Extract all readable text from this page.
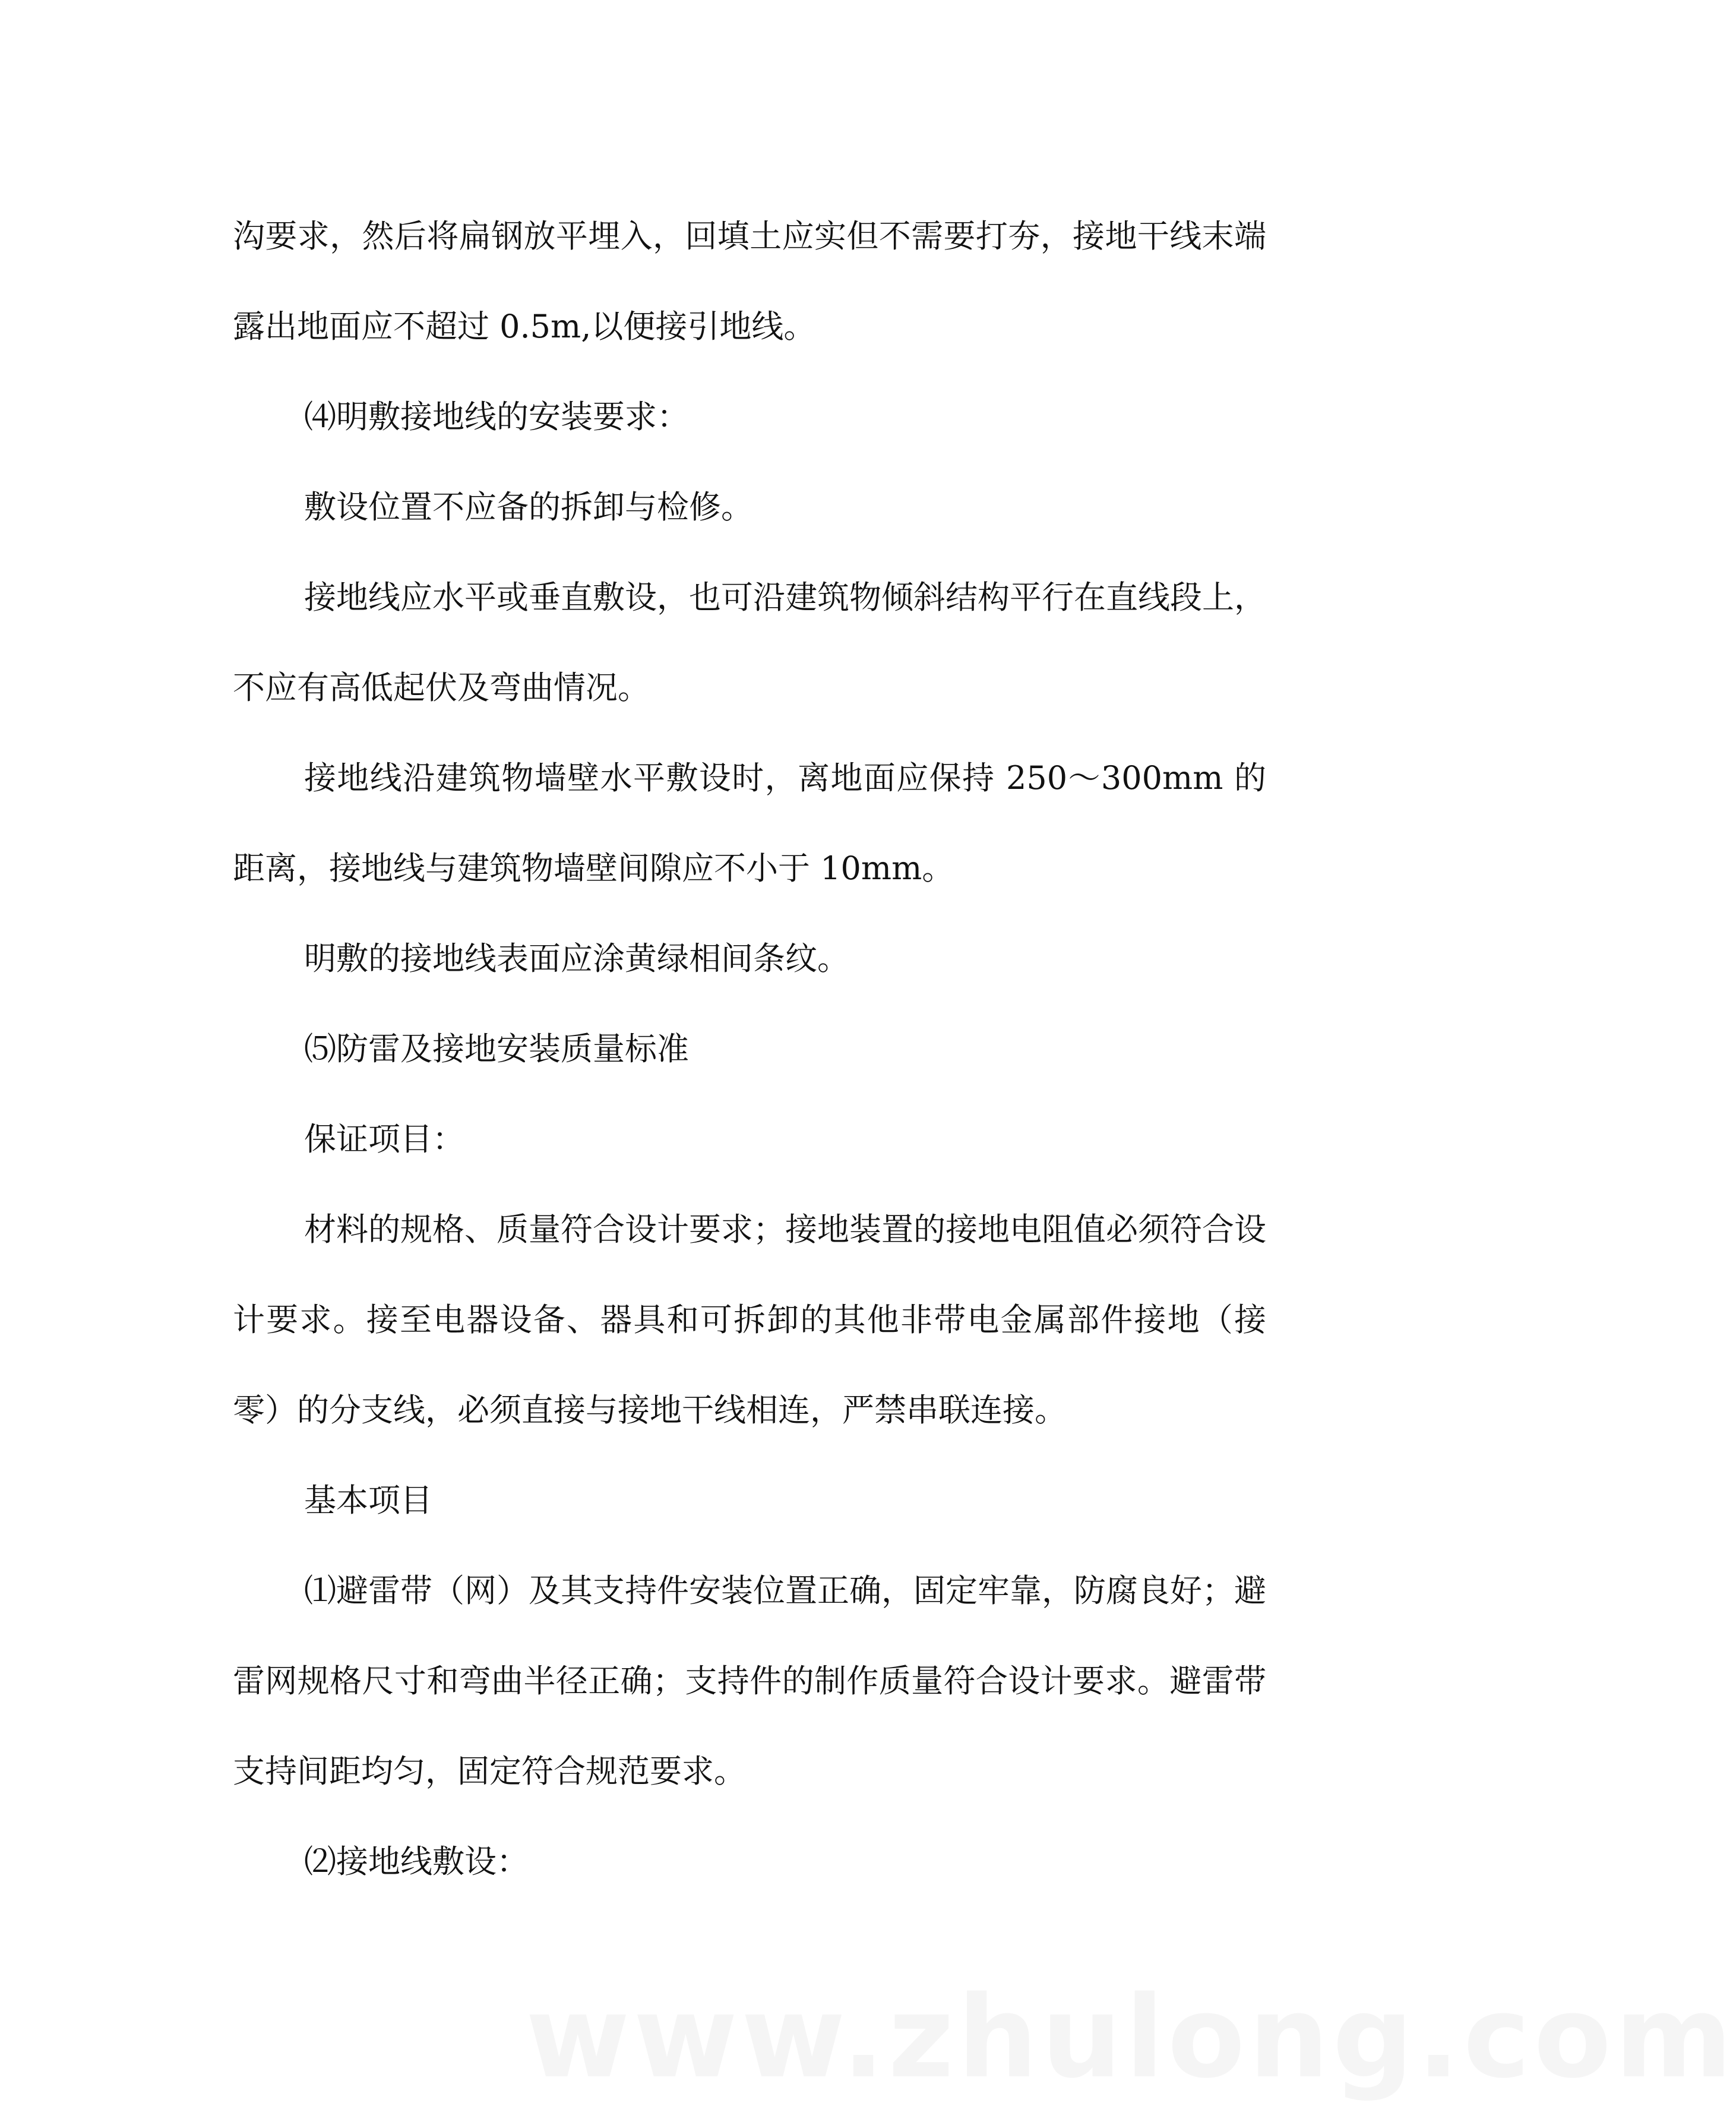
沟要求，然后将扁钢放平埋入，回填土应实但不需要打夯，接地干线末端露出地面应不超过 0.5m,以便接引地线。

⑷明敷接地线的安装要求：

敷设位置不应备的拆卸与检修。

接地线应水平或垂直敷设，也可沿建筑物倾斜结构平行在直线段上，不应有高低起伏及弯曲情况。

接地线沿建筑物墙壁水平敷设时，离地面应保持 250～300mm 的距离，接地线与建筑物墙壁间隙应不小于 10mm。

明敷的接地线表面应涂黄绿相间条纹。

⑸防雷及接地安装质量标准

保证项目：

材料的规格、质量符合设计要求；接地装置的接地电阻值必须符合设计要求。接至电器设备、器具和可拆卸的其他非带电金属部件接地（接零）的分支线，必须直接与接地干线相连，严禁串联连接。

基本项目

⑴避雷带（网）及其支持件安装位置正确，固定牢靠，防腐良好；避雷网规格尺寸和弯曲半径正确；支持件的制作质量符合设计要求。避雷带支持间距均匀，固定符合规范要求。

⑵接地线敷设：

www.zhulong.com
